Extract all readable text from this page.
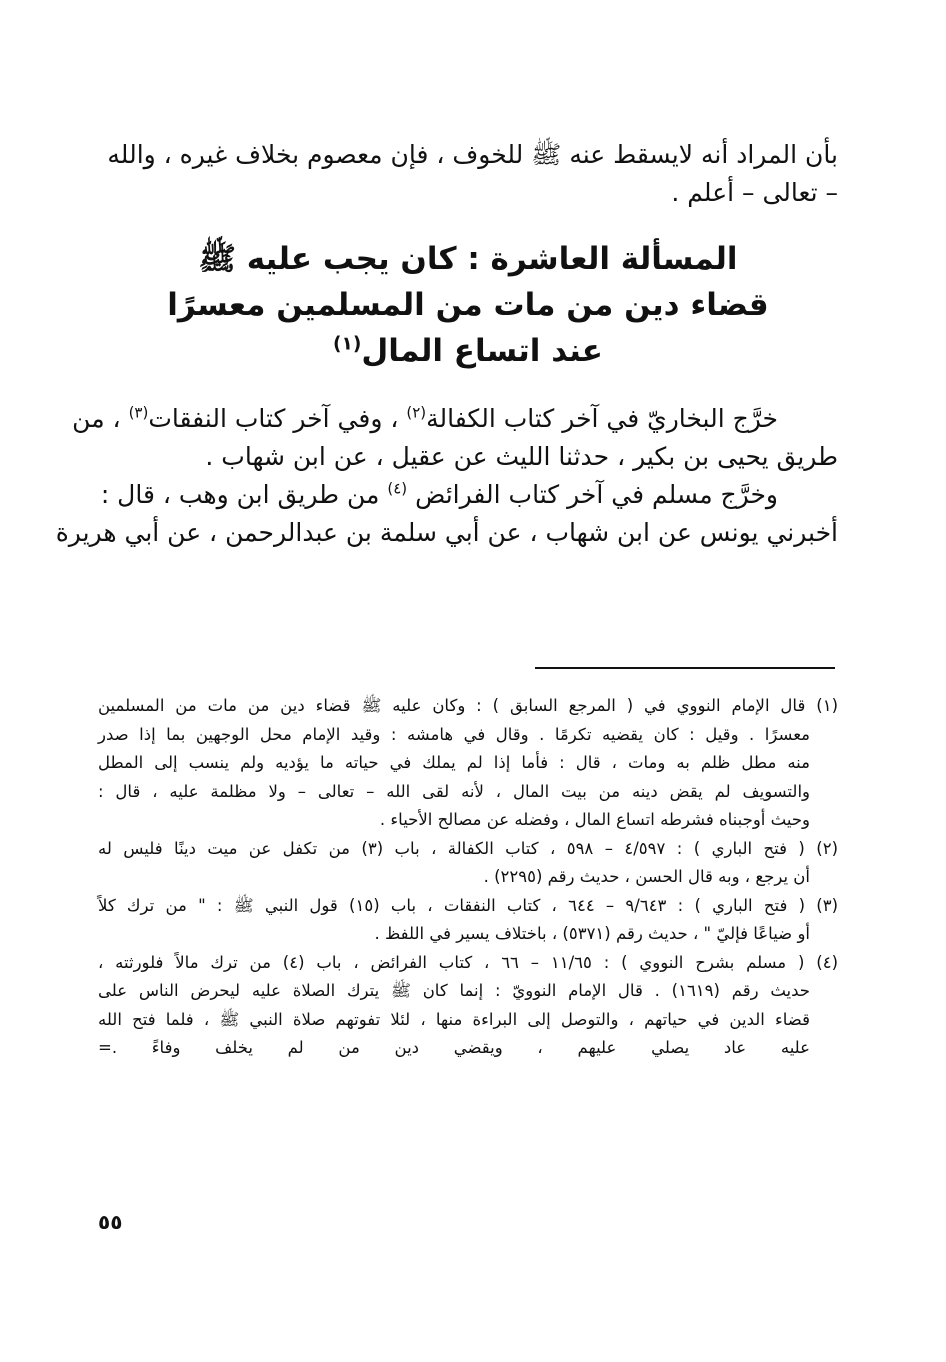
بأن المراد أنه لايسقط عنه ﷺ للخوف ، فإن معصوم بخلاف غيره ، والله
– تعالى – أعلم .
المسألة العاشرة : كان يجب عليه ﷺ
قضاء دين من مات من المسلمين معسرًا
عند اتساع المال$^{(١)}$
خرَّج البخاريّ في آخر كتاب الكفالة$^{(٢)}$ ، وفي آخر كتاب النفقات$^{(٣)}$ ، من
طريق يحيى بن بكير ، حدثنا الليث عن عقيل ، عن ابن شهاب .
وخرَّج مسلم في آخر كتاب الفرائض $^{(٤)}$ من طريق ابن وهب ، قال :
أخبرني يونس عن ابن شهاب ، عن أبي سلمة بن عبدالرحمن ، عن أبي هريرة
(١) قال الإمام النووي في ( المرجع السابق ) : وكان عليه ﷺ قضاء دين من مات من المسلمين
معسرًا . وقيل : كان يقضيه تكرمًا . وقال في هامشه : وقيد الإمام محل الوجهين بما إذا صدر
منه مطل ظلم به ومات ، قال : فأما إذا لم يملك في حياته ما يؤديه ولم ينسب إلى المطل
والتسويف لم يقض دينه من بيت المال ، لأنه لقى الله – تعالى – ولا مظلمة عليه ، قال :
وحيث أوجبناه فشرطه اتساع المال ، وفضله عن مصالح الأحياء .
(٢) ( فتح الباري ) : ٤/٥٩٧ – ٥٩٨ ، كتاب الكفالة ، باب (٣) من تكفل عن ميت دينًا فليس له
أن يرجع ، وبه قال الحسن ، حديث رقم (٢٢٩٥) .
(٣) ( فتح الباري ) : ٩/٦٤٣ – ٦٤٤ ، كتاب النفقات ، باب (١٥) قول النبي ﷺ : " من ترك كلاً
أو ضياعًا فإليّ " ، حديث رقم (٥٣٧١) ، باختلاف يسير في اللفظ .
(٤) ( مسلم بشرح النووي ) : ١١/٦٥ – ٦٦ ، كتاب الفرائض ، باب (٤) من ترك مالاً فلورثته ،
حديث رقم (١٦١٩) . قال الإمام النوويّ : إنما كان ﷺ يترك الصلاة عليه ليحرض الناس على
قضاء الدين في حياتهم ، والتوصل إلى البراءة منها ، لئلا تفوتهم صلاة النبي ﷺ ، فلما فتح الله
عليه عاد يصلي عليهم ، ويقضي دين من لم يخلف وفاءً .=
٥٥
